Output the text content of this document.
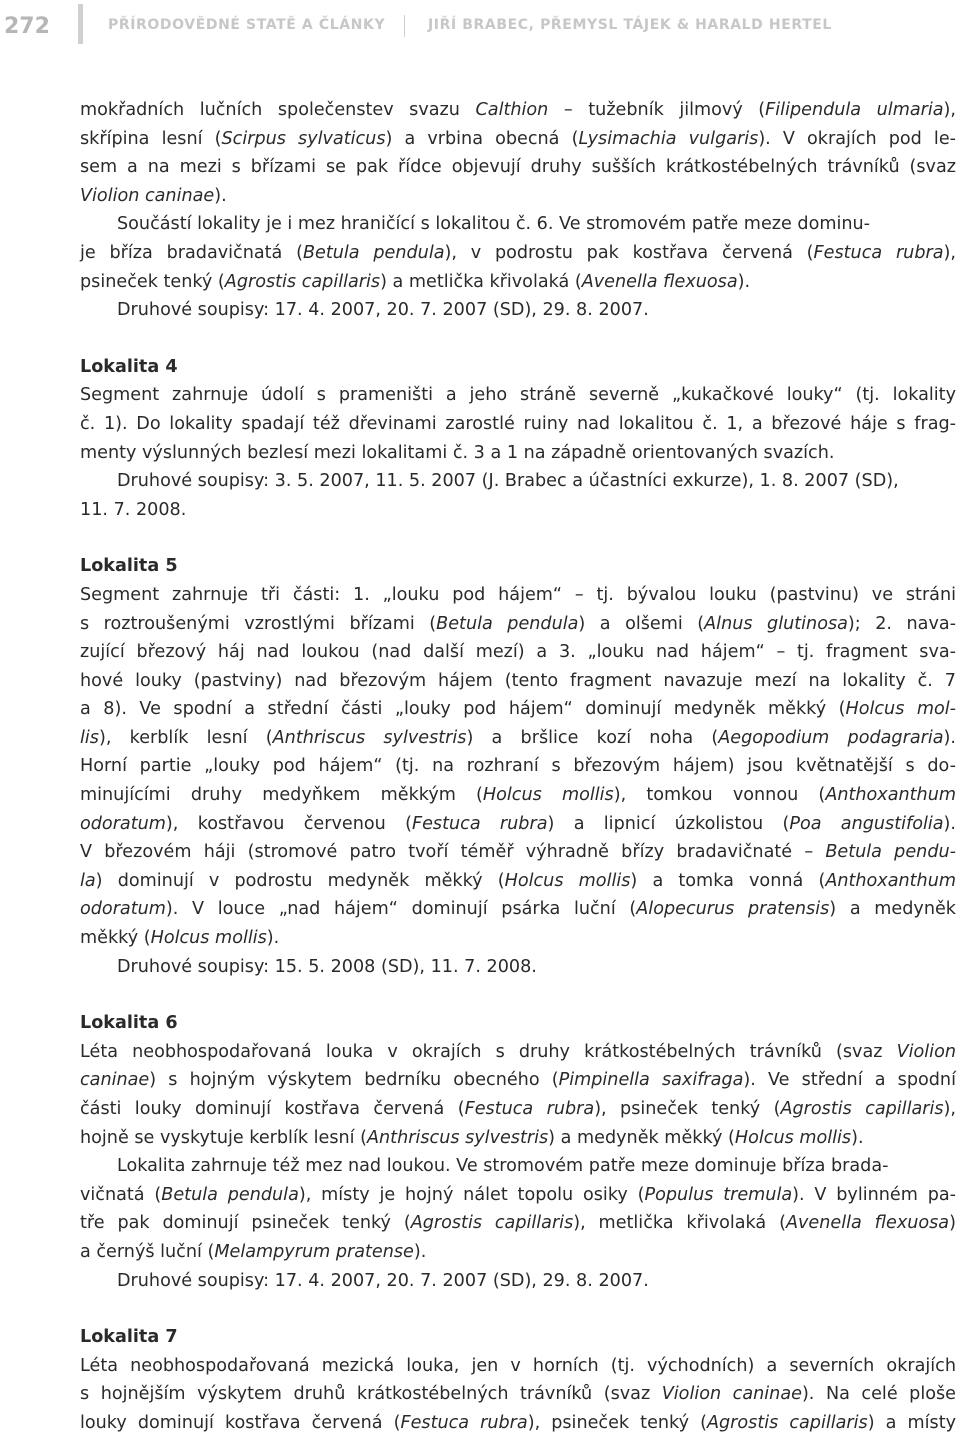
272	PŘÍRODOVĚDNÉ STATĚ A ČLÁNKY	JIŘÍ BRABEC, PŘEMYSL TÁJEK & HARALD HERTEL
mokřadních lučních společenstev svazu Calthion – tužebník jilmový (Filipendula ulmaria),
skřípina lesní (Scirpus sylvaticus) a vrbina obecná (Lysimachia vulgaris). V okrajích pod le-
sem a na mezi s břízami se pak řídce objevují druhy sušších krátkostébelných trávníků (svaz
Violion caninae).
Součástí lokality je i mez hraničící s lokalitou č. 6. Ve stromovém patře meze dominu-
je bříza bradavičnatá (Betula pendula), v podrostu pak kostřava červená (Festuca rubra),
psineček tenký (Agrostis capillaris) a metlička křivolaká (Avenella flexuosa).
Druhové soupisy: 17. 4. 2007, 20. 7. 2007 (SD), 29. 8. 2007.
Lokalita 4
Segment zahrnuje údolí s prameništi a jeho stráně severně „kukačkové louky“ (tj. lokality
č. 1). Do lokality spadají též dřevinami zarostlé ruiny nad lokalitou č. 1, a březové háje s frag-
menty výslunných bezlesí mezi lokalitami č. 3 a 1 na západně orientovaných svazích.
Druhové soupisy: 3. 5. 2007, 11. 5. 2007 (J. Brabec a účastníci exkurze), 1. 8. 2007 (SD),
11. 7. 2008.
Lokalita 5
Segment zahrnuje tři části: 1. „louku pod hájem“ – tj. bývalou louku (pastvinu) ve stráni
s roztroušenými vzrostlými břízami (Betula pendula) a olšemi (Alnus glutinosa); 2. nava-
zující březový háj nad loukou (nad další mezí) a 3. „louku nad hájem“ – tj. fragment sva-
hové louky (pastviny) nad březovým hájem (tento fragment navazuje mezí na lokality č. 7
a 8). Ve spodní a střední části „louky pod hájem“ dominují medyněk měkký (Holcus mol-
lis), kerblík lesní (Anthriscus sylvestris) a bršlice kozí noha (Aegopodium podagraria).
Horní partie „louky pod hájem“ (tj. na rozhraní s březovým hájem) jsou květnatější s do-
minujícími druhy medyňkem měkkým (Holcus mollis), tomkou vonnou (Anthoxanthum
odoratum), kostřavou červenou (Festuca rubra) a lipnicí úzkolistou (Poa angustifolia).
V březovém háji (stromové patro tvoří téměř výhradně břízy bradavičnaté – Betula pendu-
la) dominují v podrostu medyněk měkký (Holcus mollis) a tomka vonná (Anthoxanthum
odoratum). V louce „nad hájem“ dominují psárka luční (Alopecurus pratensis) a medyněk
měkký (Holcus mollis).
Druhové soupisy: 15. 5. 2008 (SD), 11. 7. 2008.
Lokalita 6
Léta neobhospodařovaná louka v okrajích s druhy krátkostébelných trávníků (svaz Violion
caninae) s hojným výskytem bedrníku obecného (Pimpinella saxifraga). Ve střední a spodní
části louky dominují kostřava červená (Festuca rubra), psineček tenký (Agrostis capillaris),
hojně se vyskytuje kerblík lesní (Anthriscus sylvestris) a medyněk měkký (Holcus mollis).
Lokalita zahrnuje též mez nad loukou. Ve stromovém patře meze dominuje bříza brada-
vičnatá (Betula pendula), místy je hojný nálet topolu osiky (Populus tremula). V bylinném pa-
tře pak dominují psineček tenký (Agrostis capillaris), metlička křivolaká (Avenella flexuosa)
a černýš luční (Melampyrum pratense).
Druhové soupisy: 17. 4. 2007, 20. 7. 2007 (SD), 29. 8. 2007.
Lokalita 7
Léta neobhospodařovaná mezická louka, jen v horních (tj. východních) a severních okrajích
s hojnějším výskytem druhů krátkostébelných trávníků (svaz Violion caninae). Na celé ploše
louky dominují kostřava červená (Festuca rubra), psineček tenký (Agrostis capillaris) a místy
